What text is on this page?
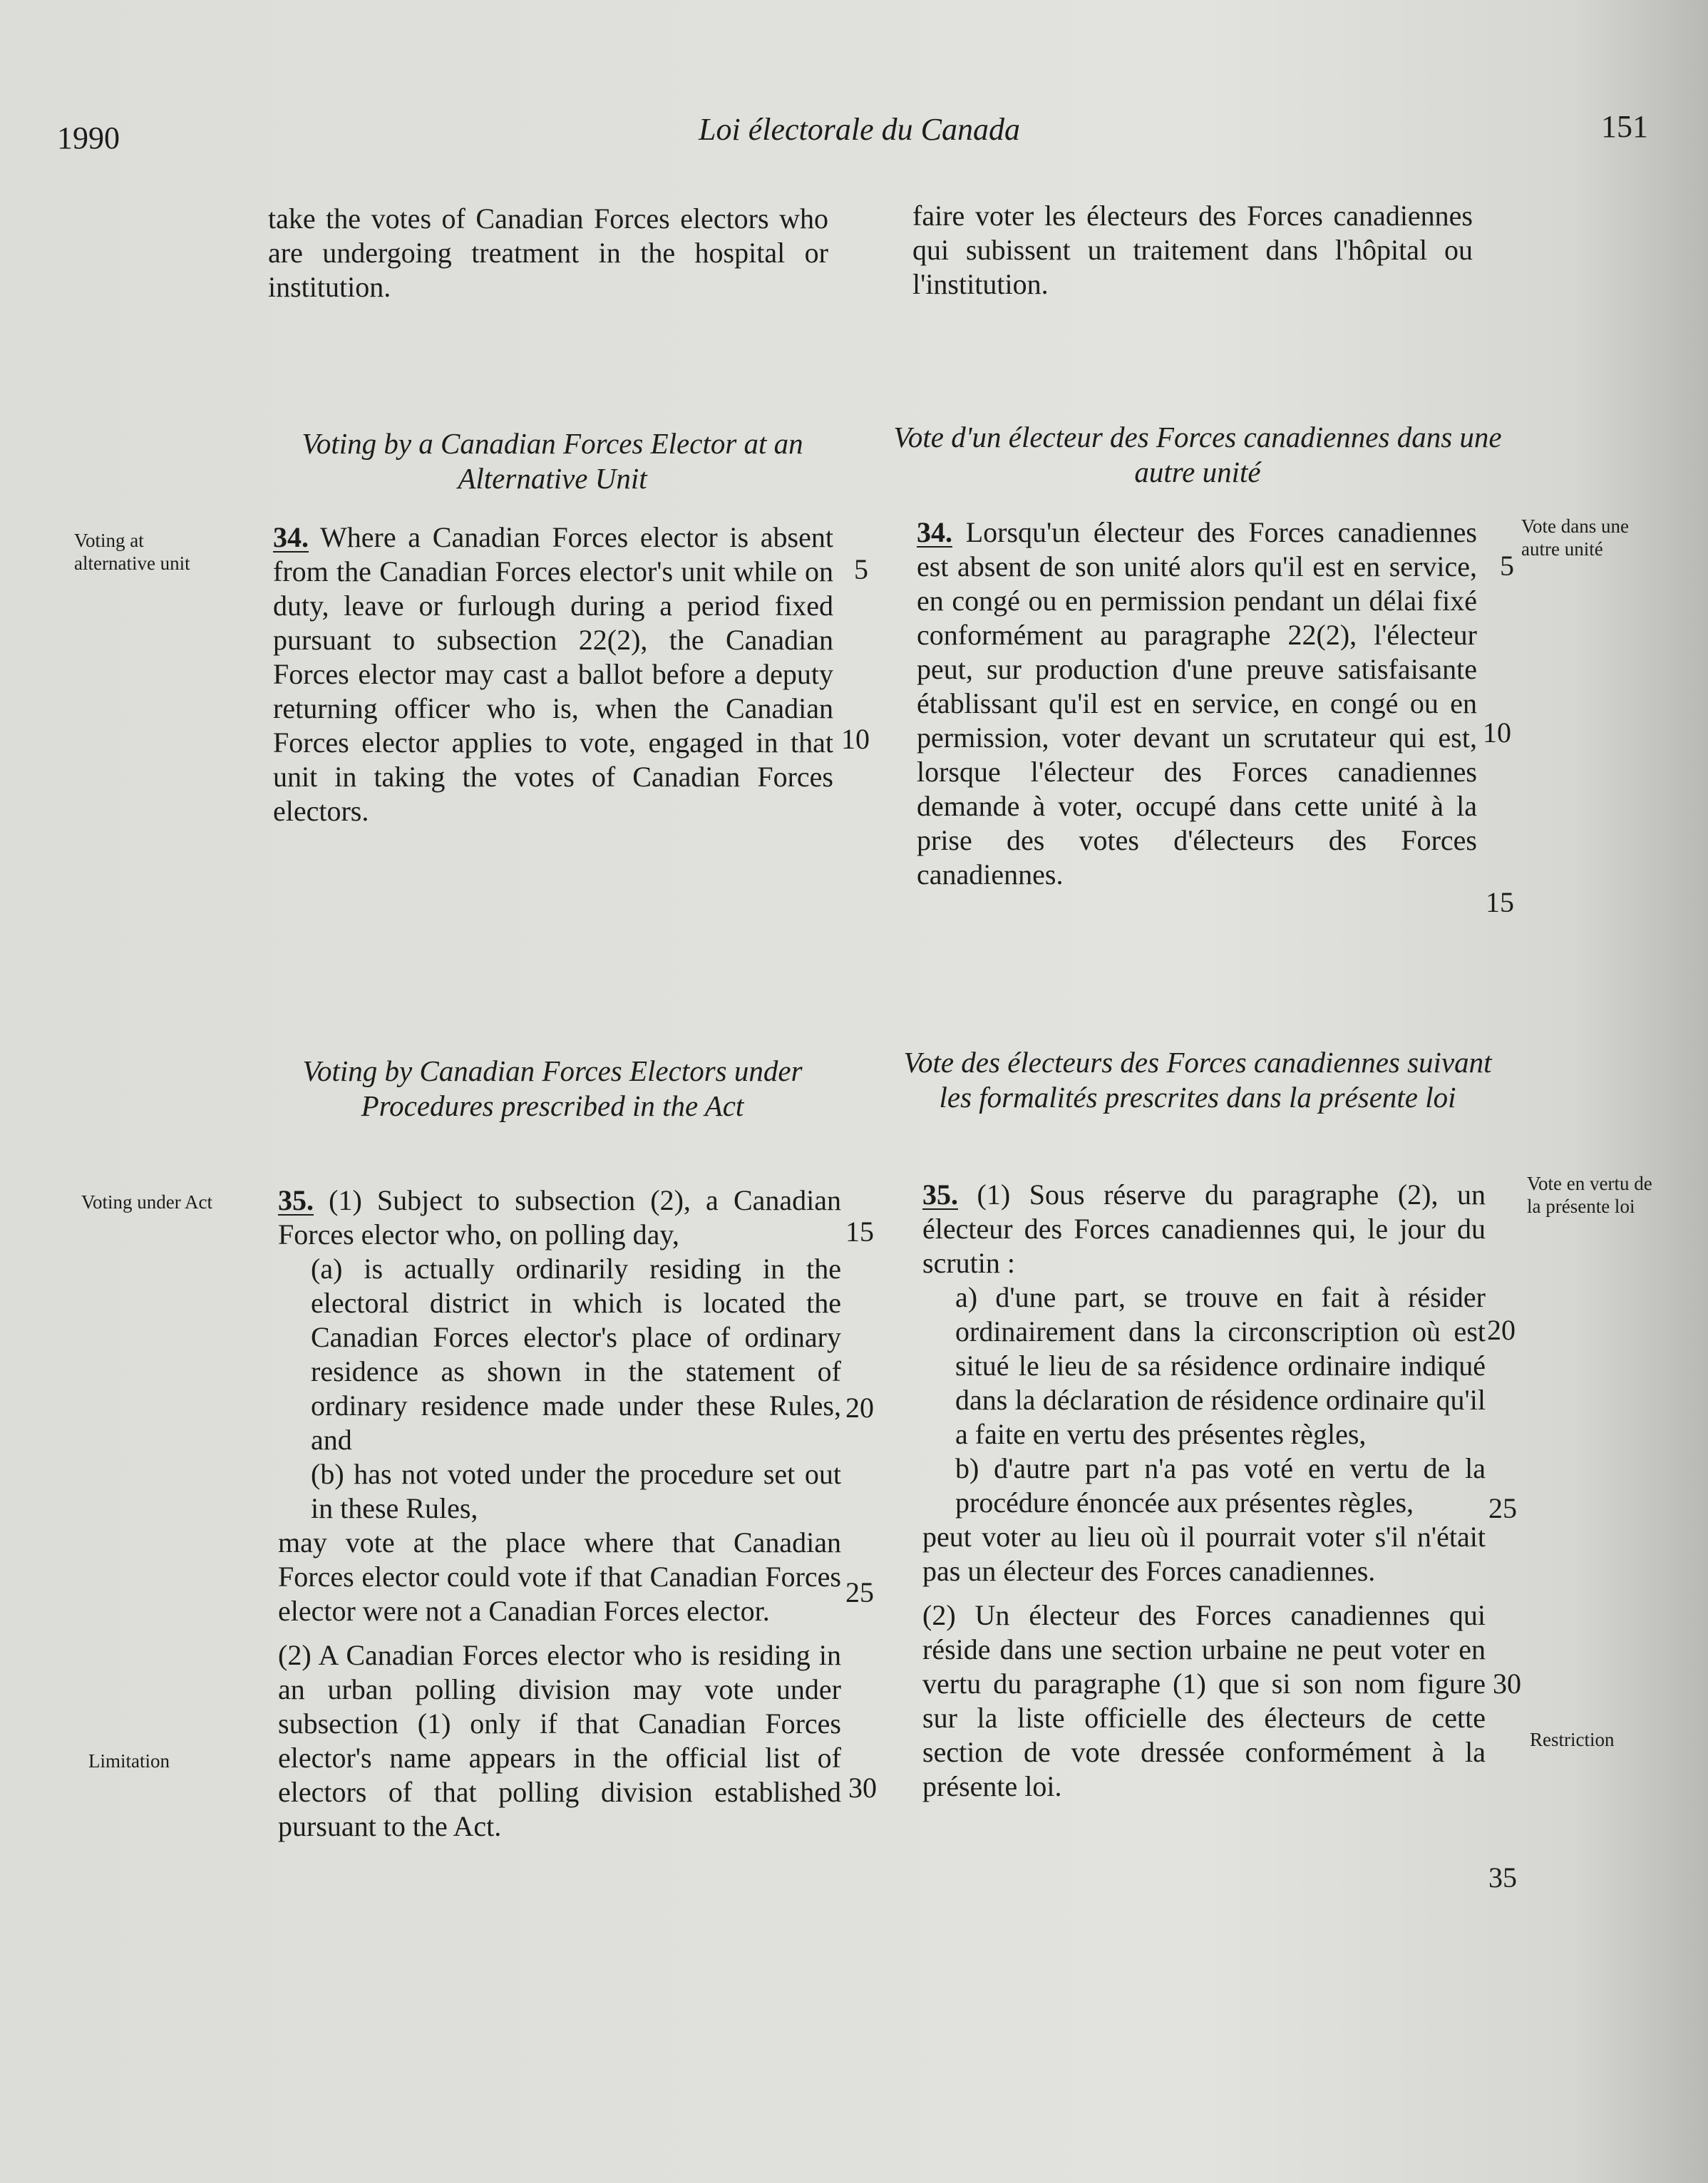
1990	Loi électorale du Canada	151

take the votes of Canadian Forces electors who are undergoing treatment in the hospital or institution.

Voting by a Canadian Forces Elector at an Alternative Unit

34. Where a Canadian Forces elector is absent from the Canadian Forces elector's unit while on duty, leave or furlough during a period fixed pursuant to subsection 22(2), the Canadian Forces elector may cast a ballot before a deputy returning officer who is, when the Canadian Forces elector applies to vote, engaged in that unit in taking the votes of Canadian Forces electors.

Voting by Canadian Forces Electors under Procedures prescribed in the Act

35. (1) Subject to subsection (2), a Canadian Forces elector who, on polling day,

(a) is actually ordinarily residing in the electoral district in which is located the Canadian Forces elector's place of ordinary residence as shown in the statement of ordinary residence made under these Rules, and

(b) has not voted under the procedure set out in these Rules,

may vote at the place where that Canadian Forces elector could vote if that Canadian Forces elector were not a Canadian Forces elector.

(2) A Canadian Forces elector who is residing in an urban polling division may vote under subsection (1) only if that Canadian Forces elector's name appears in the official list of electors of that polling division established pursuant to the Act.

faire voter les électeurs des Forces canadiennes qui subissent un traitement dans l'hôpital ou l'institution.

Vote d'un électeur des Forces canadiennes dans une autre unité

34. Lorsqu'un électeur des Forces canadiennes est absent de son unité alors qu'il est en service, en congé ou en permission pendant un délai fixé conformément au paragraphe 22(2), l'électeur peut, sur production d'une preuve satisfaisante établissant qu'il est en service, en congé ou en permission, voter devant un scrutateur qui est, lorsque l'électeur des Forces canadiennes demande à voter, occupé dans cette unité à la prise des votes d'électeurs des Forces canadiennes.

Vote des électeurs des Forces canadiennes suivant les formalités prescrites dans la présente loi

35. (1) Sous réserve du paragraphe (2), un électeur des Forces canadiennes qui, le jour du scrutin :

a) d'une part, se trouve en fait à résider ordinairement dans la circonscription où est situé le lieu de sa résidence ordinaire indiqué dans la déclaration de résidence ordinaire qu'il a faite en vertu des présentes règles,

b) d'autre part n'a pas voté en vertu de la procédure énoncée aux présentes règles,

peut voter au lieu où il pourrait voter s'il n'était pas un électeur des Forces canadiennes.

(2) Un électeur des Forces canadiennes qui réside dans une section urbaine ne peut voter en vertu du paragraphe (1) que si son nom figure sur la liste officielle des électeurs de cette section de vote dressée conformément à la présente loi.

Voting at alternative unit
Voting under Act
Limitation
Vote dans une autre unité
Vote en vertu de la présente loi
Restriction
5
10
15
20
25
30
5
10
15
20
25
30
35
